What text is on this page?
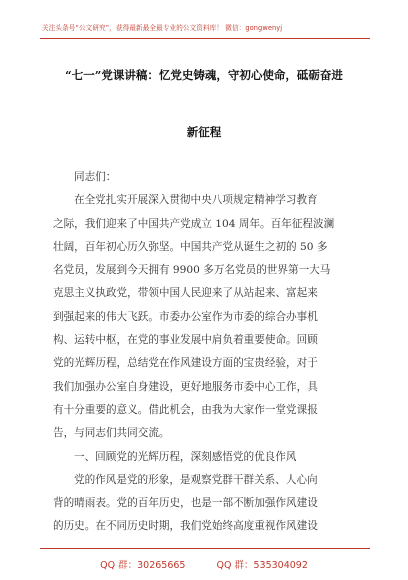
关注头条号“公文研究”，获得最新最全最专业的公文资料库！ 微信：gongwenyj
“七一”党课讲稿：忆党史铸魂，守初心使命，砥砺奋进
新征程
同志们：
在全党扎实开展深入贯彻中央八项规定精神学习教育
之际，我们迎来了中国共产党成立 104 周年。百年征程波澜
壮阔，百年初心历久弥坚。中国共产党从诞生之初的 50 多
名党员，发展到今天拥有 9900 多万名党员的世界第一大马
克思主义执政党，带领中国人民迎来了从站起来、富起来
到强起来的伟大飞跃。市委办公室作为市委的综合办事机
构、运转中枢，在党的事业发展中肩负着重要使命。回顾
党的光辉历程，总结党在作风建设方面的宝贵经验，对于
我们加强办公室自身建设，更好地服务市委中心工作，具
有十分重要的意义。借此机会，由我为大家作一堂党课报
告，与同志们共同交流。
一、回顾党的光辉历程，深刻感悟党的优良作风
党的作风是党的形象，是观察党群干群关系、人心向
背的晴雨表。党的百年历史，也是一部不断加强作风建设
的历史。在不同历史时期，我们党始终高度重视作风建设
QQ 群：30265665	QQ 群：535304092
